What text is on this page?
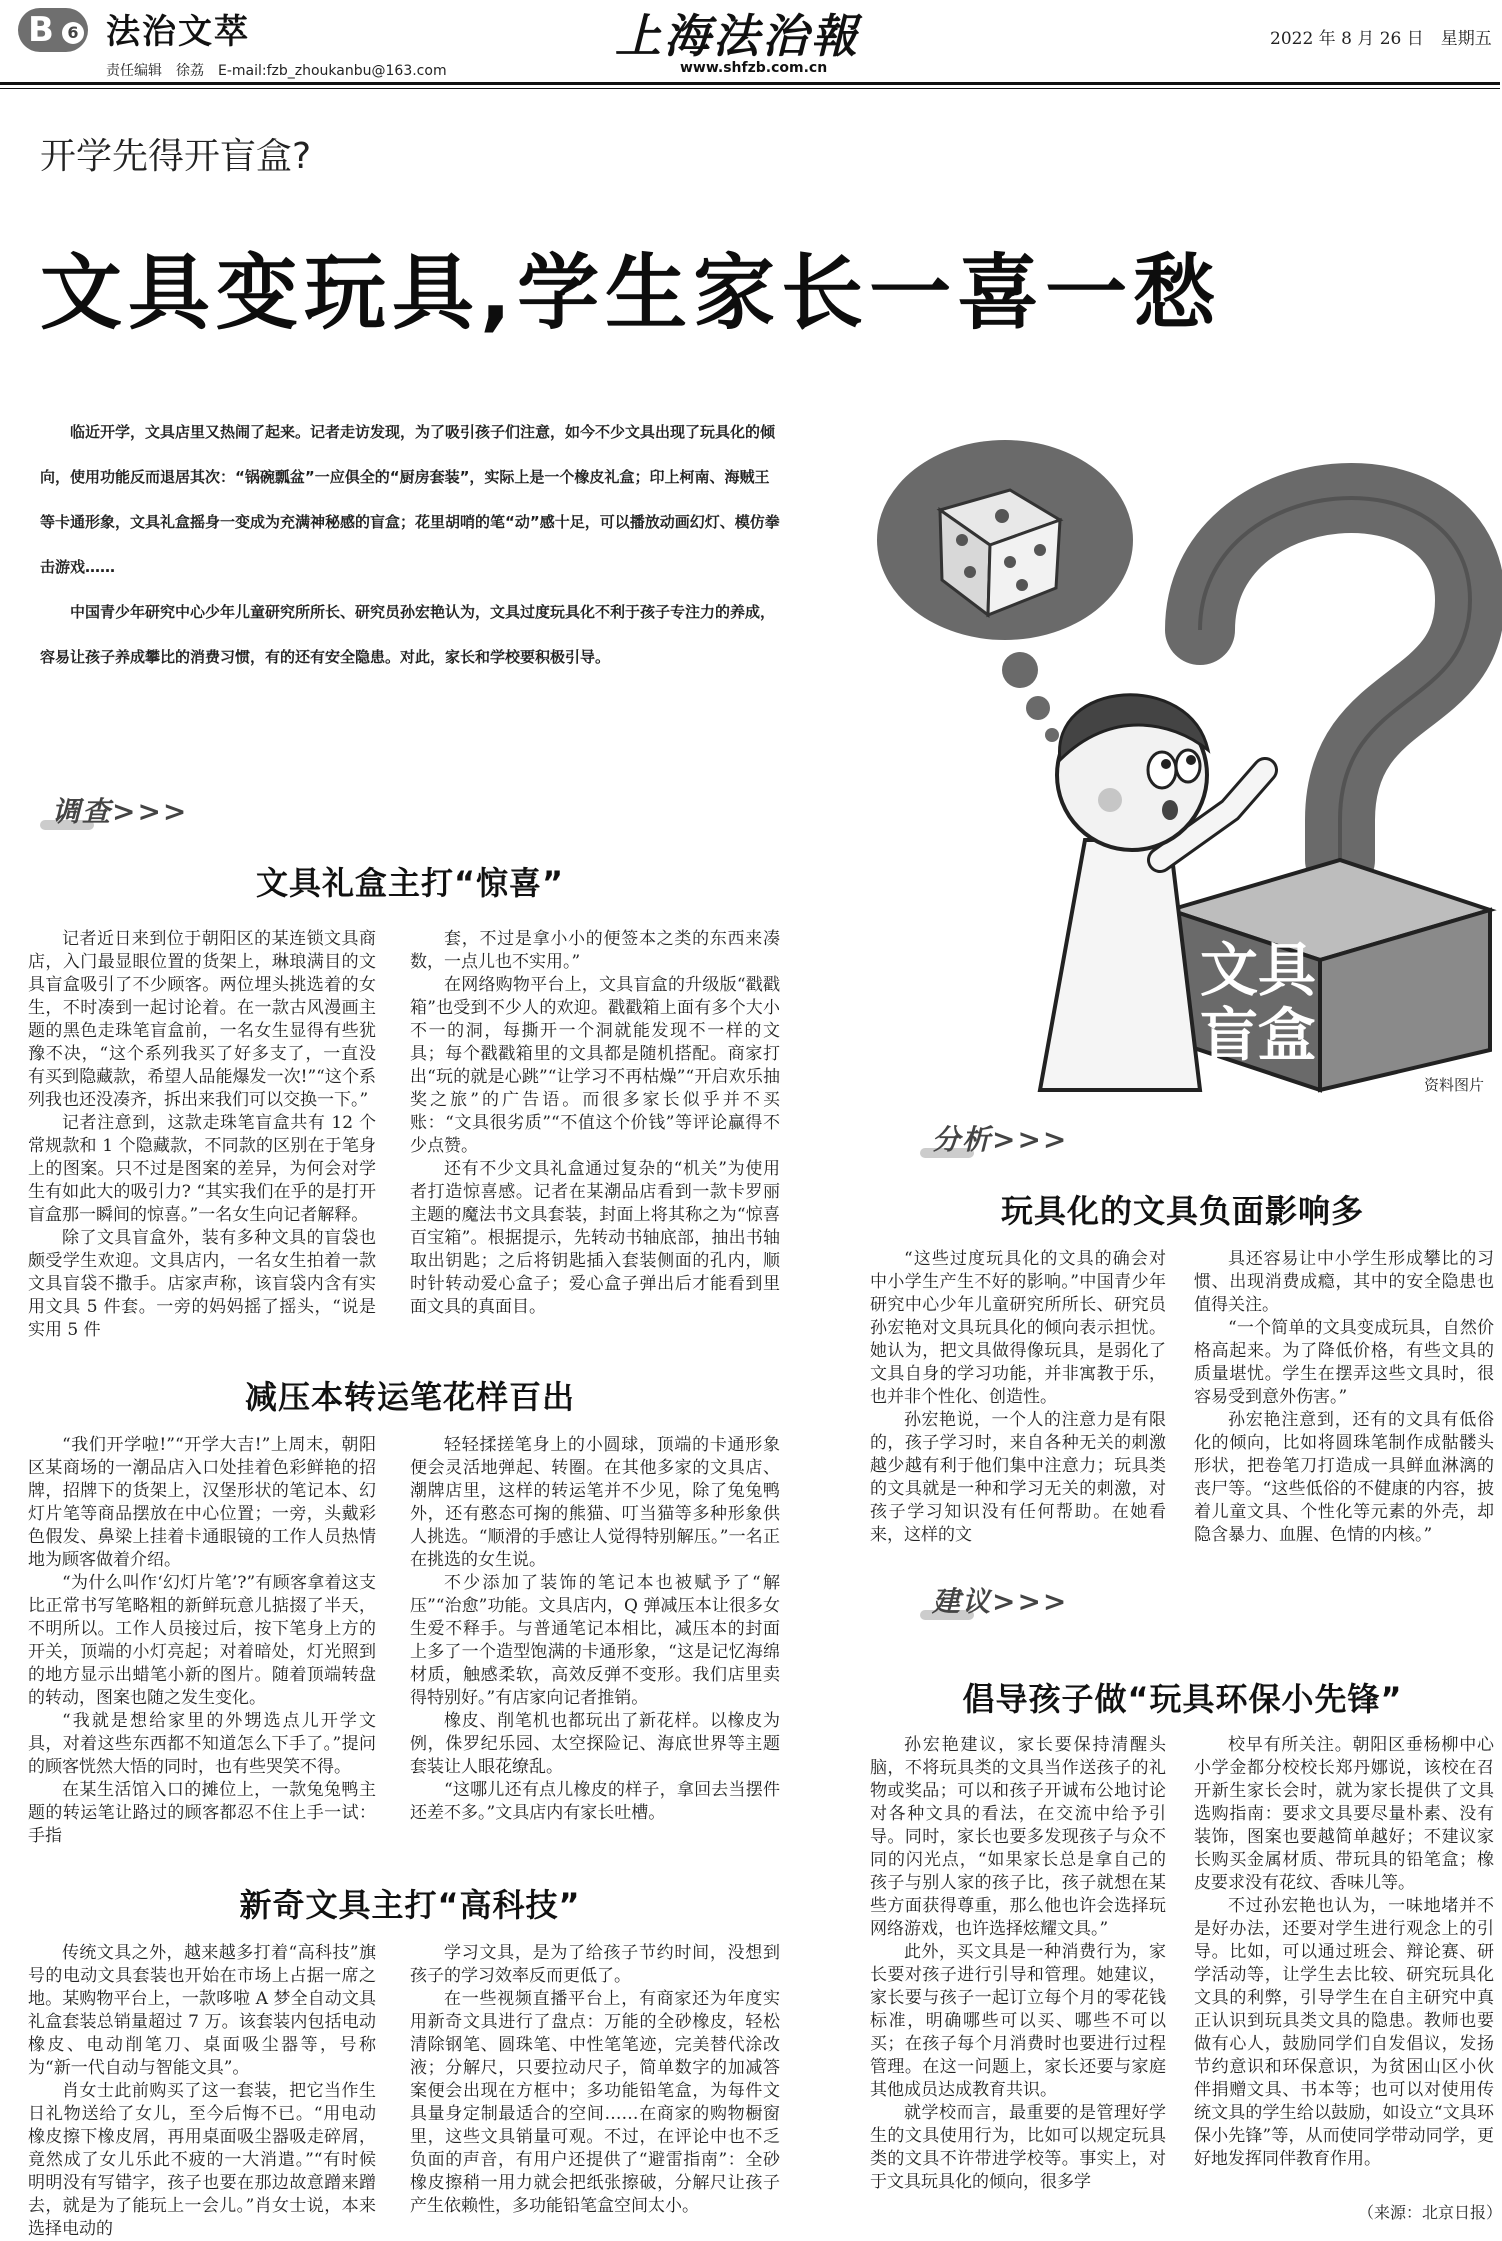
B 6 法治文萃
责任编辑　徐荔　E-mail:fzb_zhoukanbu@163.com
上海法治報
www.shfzb.com.cn
2022 年 8 月 26 日　星期五
开学先得开盲盒?
文具变玩具,学生家长一喜一愁

临近开学，文具店里又热闹了起来。记者走访发现，为了吸引孩子们注意，如今不少文具出现了玩具化的倾向，使用功能反而退居其次：“锅碗瓢盆”一应俱全的“厨房套装”，实际上是一个橡皮礼盒；印上柯南、海贼王等卡通形象，文具礼盒摇身一变成为充满神秘感的盲盒；花里胡哨的笔“动”感十足，可以播放动画幻灯、模仿拳击游戏……

中国青少年研究中心少年儿童研究所所长、研究员孙宏艳认为，文具过度玩具化不利于孩子专注力的养成，容易让孩子养成攀比的消费习惯，有的还有安全隐患。对此，家长和学校要积极引导。

文具
盲盒
资料图片
调查>>>
分析>>>
建议>>>
文具礼盒主打“惊喜”
减压本转运笔花样百出
新奇文具主打“高科技”
玩具化的文具负面影响多
倡导孩子做“玩具环保小先锋”

记者近日来到位于朝阳区的某连锁文具商店，入门最显眼位置的货架上，琳琅满目的文具盲盒吸引了不少顾客。两位埋头挑选着的女生，不时凑到一起讨论着。在一款古风漫画主题的黑色走珠笔盲盒前，一名女生显得有些犹豫不决，“这个系列我买了好多支了，一直没有买到隐藏款，希望人品能爆发一次!”“这个系列我也还没凑齐，拆出来我们可以交换一下。”

记者注意到，这款走珠笔盲盒共有 12 个常规款和 1 个隐藏款，不同款的区别在于笔身上的图案。只不过是图案的差异，为何会对学生有如此大的吸引力? “其实我们在乎的是打开盲盒那一瞬间的惊喜。”一名女生向记者解释。

除了文具盲盒外，装有多种文具的盲袋也颇受学生欢迎。文具店内，一名女生拍着一款文具盲袋不撒手。店家声称，该盲袋内含有实用文具 5 件套。一旁的妈妈摇了摇头，“说是实用 5 件

套，不过是拿小小的便签本之类的东西来凑数，一点儿也不实用。”

在网络购物平台上，文具盲盒的升级版“戳戳箱”也受到不少人的欢迎。戳戳箱上面有多个大小不一的洞，每撕开一个洞就能发现不一样的文具；每个戳戳箱里的文具都是随机搭配。商家打出“玩的就是心跳”“让学习不再枯燥”“开启欢乐抽奖之旅”的广告语。而很多家长似乎并不买账：“文具很劣质”“不值这个价钱”等评论赢得不少点赞。

还有不少文具礼盒通过复杂的“机关”为使用者打造惊喜感。记者在某潮品店看到一款卡罗丽主题的魔法书文具套装，封面上将其称之为“惊喜百宝箱”。根据提示，先转动书轴底部，抽出书轴取出钥匙；之后将钥匙插入套装侧面的孔内，顺时针转动爱心盒子；爱心盒子弹出后才能看到里面文具的真面目。

“我们开学啦!”“开学大吉!”上周末，朝阳区某商场的一潮品店入口处挂着色彩鲜艳的招牌，招牌下的货架上，汉堡形状的笔记本、幻灯片笔等商品摆放在中心位置；一旁，头戴彩色假发、鼻梁上挂着卡通眼镜的工作人员热情地为顾客做着介绍。

“为什么叫作‘幻灯片笔’?”有顾客拿着这支比正常书写笔略粗的新鲜玩意儿掂掇了半天，不明所以。工作人员接过后，按下笔身上方的开关，顶端的小灯亮起；对着暗处，灯光照到的地方显示出蜡笔小新的图片。随着顶端转盘的转动，图案也随之发生变化。

“我就是想给家里的外甥选点儿开学文具，对着这些东西都不知道怎么下手了。”提问的顾客恍然大悟的同时，也有些哭笑不得。

在某生活馆入口的摊位上，一款兔兔鸭主题的转运笔让路过的顾客都忍不住上手一试：手指

轻轻揉搓笔身上的小圆球，顶端的卡通形象便会灵活地弹起、转圈。在其他多家的文具店、潮牌店里，这样的转运笔并不少见，除了兔兔鸭外，还有憨态可掬的熊猫、叮当猫等多种形象供人挑选。“顺滑的手感让人觉得特别解压。”一名正在挑选的女生说。

不少添加了装饰的笔记本也被赋予了“解压”“治愈”功能。文具店内，Q 弹减压本让很多女生爱不释手。与普通笔记本相比，减压本的封面上多了一个造型饱满的卡通形象，“这是记忆海绵材质，触感柔软，高效反弹不变形。我们店里卖得特别好。”有店家向记者推销。

橡皮、削笔机也都玩出了新花样。以橡皮为例，侏罗纪乐园、太空探险记、海底世界等主题套装让人眼花缭乱。

“这哪儿还有点儿橡皮的样子，拿回去当摆件还差不多。”文具店内有家长吐槽。

传统文具之外，越来越多打着“高科技”旗号的电动文具套装也开始在市场上占据一席之地。某购物平台上，一款哆啦 A 梦全自动文具礼盒套装总销量超过 7 万。该套装内包括电动橡皮、电动削笔刀、桌面吸尘器等，号称为“新一代自动与智能文具”。

肖女士此前购买了这一套装，把它当作生日礼物送给了女儿，至今后悔不已。“用电动橡皮擦下橡皮屑，再用桌面吸尘器吸走碎屑，竟然成了女儿乐此不疲的一大消遣。”“有时候明明没有写错字，孩子也要在那边故意蹭来蹭去，就是为了能玩上一会儿。”肖女士说，本来选择电动的

学习文具，是为了给孩子节约时间，没想到孩子的学习效率反而更低了。

在一些视频直播平台上，有商家还为年度实用新奇文具进行了盘点：万能的全砂橡皮，轻松清除钢笔、圆珠笔、中性笔笔迹，完美替代涂改液；分解尺，只要拉动尺子，简单数字的加减答案便会出现在方框中；多功能铅笔盒，为每件文具量身定制最适合的空间……在商家的购物橱窗里，这些文具销量可观。不过，在评论中也不乏负面的声音，有用户还提供了“避雷指南”：全砂橡皮擦稍一用力就会把纸张擦破，分解尺让孩子产生依赖性，多功能铅笔盒空间太小。

“这些过度玩具化的文具的确会对中小学生产生不好的影响。”中国青少年研究中心少年儿童研究所所长、研究员孙宏艳对文具玩具化的倾向表示担忧。她认为，把文具做得像玩具，是弱化了文具自身的学习功能，并非寓教于乐，也并非个性化、创造性。

孙宏艳说，一个人的注意力是有限的，孩子学习时，来自各种无关的刺激越少越有利于他们集中注意力；玩具类的文具就是一种和学习无关的刺激，对孩子学习知识没有任何帮助。在她看来，这样的文

具还容易让中小学生形成攀比的习惯、出现消费成瘾，其中的安全隐患也值得关注。

“一个简单的文具变成玩具，自然价格高起来。为了降低价格，有些文具的质量堪忧。学生在摆弄这些文具时，很容易受到意外伤害。”

孙宏艳注意到，还有的文具有低俗化的倾向，比如将圆珠笔制作成骷髅头形状，把卷笔刀打造成一具鲜血淋漓的丧尸等。“这些低俗的不健康的内容，披着儿童文具、个性化等元素的外壳，却隐含暴力、血腥、色情的内核。”

孙宏艳建议，家长要保持清醒头脑，不将玩具类的文具当作送孩子的礼物或奖品；可以和孩子开诚布公地讨论对各种文具的看法，在交流中给予引导。同时，家长也要多发现孩子与众不同的闪光点，“如果家长总是拿自己的孩子与别人家的孩子比，孩子就想在某些方面获得尊重，那么他也许会选择玩网络游戏，也许选择炫耀文具。”

此外，买文具是一种消费行为，家长要对孩子进行引导和管理。她建议，家长要与孩子一起订立每个月的零花钱标准，明确哪些可以买、哪些不可以买；在孩子每个月消费时也要进行过程管理。在这一问题上，家长还要与家庭其他成员达成教育共识。

就学校而言，最重要的是管理好学生的文具使用行为，比如可以规定玩具类的文具不许带进学校等。事实上，对于文具玩具化的倾向，很多学

校早有所关注。朝阳区垂杨柳中心小学金都分校校长郑丹娜说，该校在召开新生家长会时，就为家长提供了文具选购指南：要求文具要尽量朴素、没有装饰，图案也要越简单越好；不建议家长购买金属材质、带玩具的铅笔盒；橡皮要求没有花纹、香味儿等。

不过孙宏艳也认为，一味地堵并不是好办法，还要对学生进行观念上的引导。比如，可以通过班会、辩论赛、研学活动等，让学生去比较、研究玩具化文具的利弊，引导学生在自主研究中真正认识到玩具类文具的隐患。教师也要做有心人，鼓励同学们自发倡议，发扬节约意识和环保意识，为贫困山区小伙伴捐赠文具、书本等；也可以对使用传统文具的学生给以鼓励，如设立“文具环保小先锋”等，从而使同学带动同学，更好地发挥同伴教育作用。

（来源：北京日报）
